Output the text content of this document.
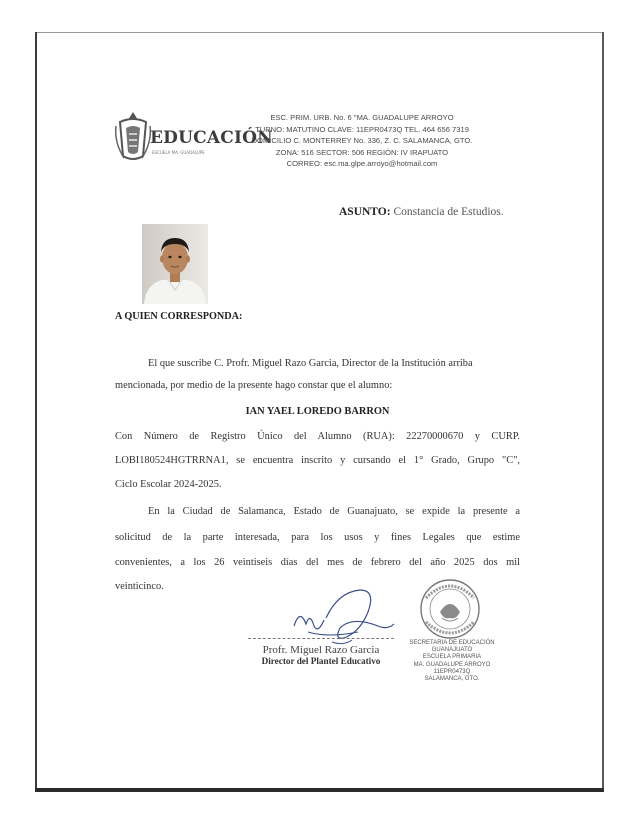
EDUCACIÓN
ESCUELA MA. GUADALUPE
ESC. PRIM. URB. No. 6 "MA. GUADALUPE ARROYO
TURNO: MATUTINO CLAVE: 11EPR0473Q TEL. 464 656 7319
DOMICILIO C. MONTERREY No. 336, Z. C. SALAMANCA, GTO.
ZONA: 516 SECTOR: 506 REGIÓN: IV IRAPUATO
CORREO: esc.ma.glpe.arroyo@hotmail.com
ASUNTO: Constancia de Estudios.
A QUIEN CORRESPONDA:
El que suscribe C. Profr. Miguel Razo Garcia, Director de la Institución arriba
mencionada, por medio de la presente hago constar que el alumno:
IAN YAEL LOREDO BARRON
Con Número de Registro Único del Alumno (RUA): 22270000670 y CURP.
LOBI180524HGTRRNA1, se encuentra inscrito y cursando el 1° Grado, Grupo "C",
Ciclo Escolar 2024-2025.
En la Ciudad de Salamanca, Estado de Guanajuato, se expide la presente a
solicitud de la parte interesada, para los usos y fines Legales que estime
convenientes, a los 26 veintiseis días del mes de febrero del año 2025 dos mil
veinticinco.
Profr. Miguel Razo Garcia
Director del Plantel Educativo
SECRETARIA DE EDUCACIÓN
GUANAJUATO
ESCUELA PRIMARIA
MA. GUADALUPE ARROYO
11EPR0473Q
SALAMANCA, GTO.
